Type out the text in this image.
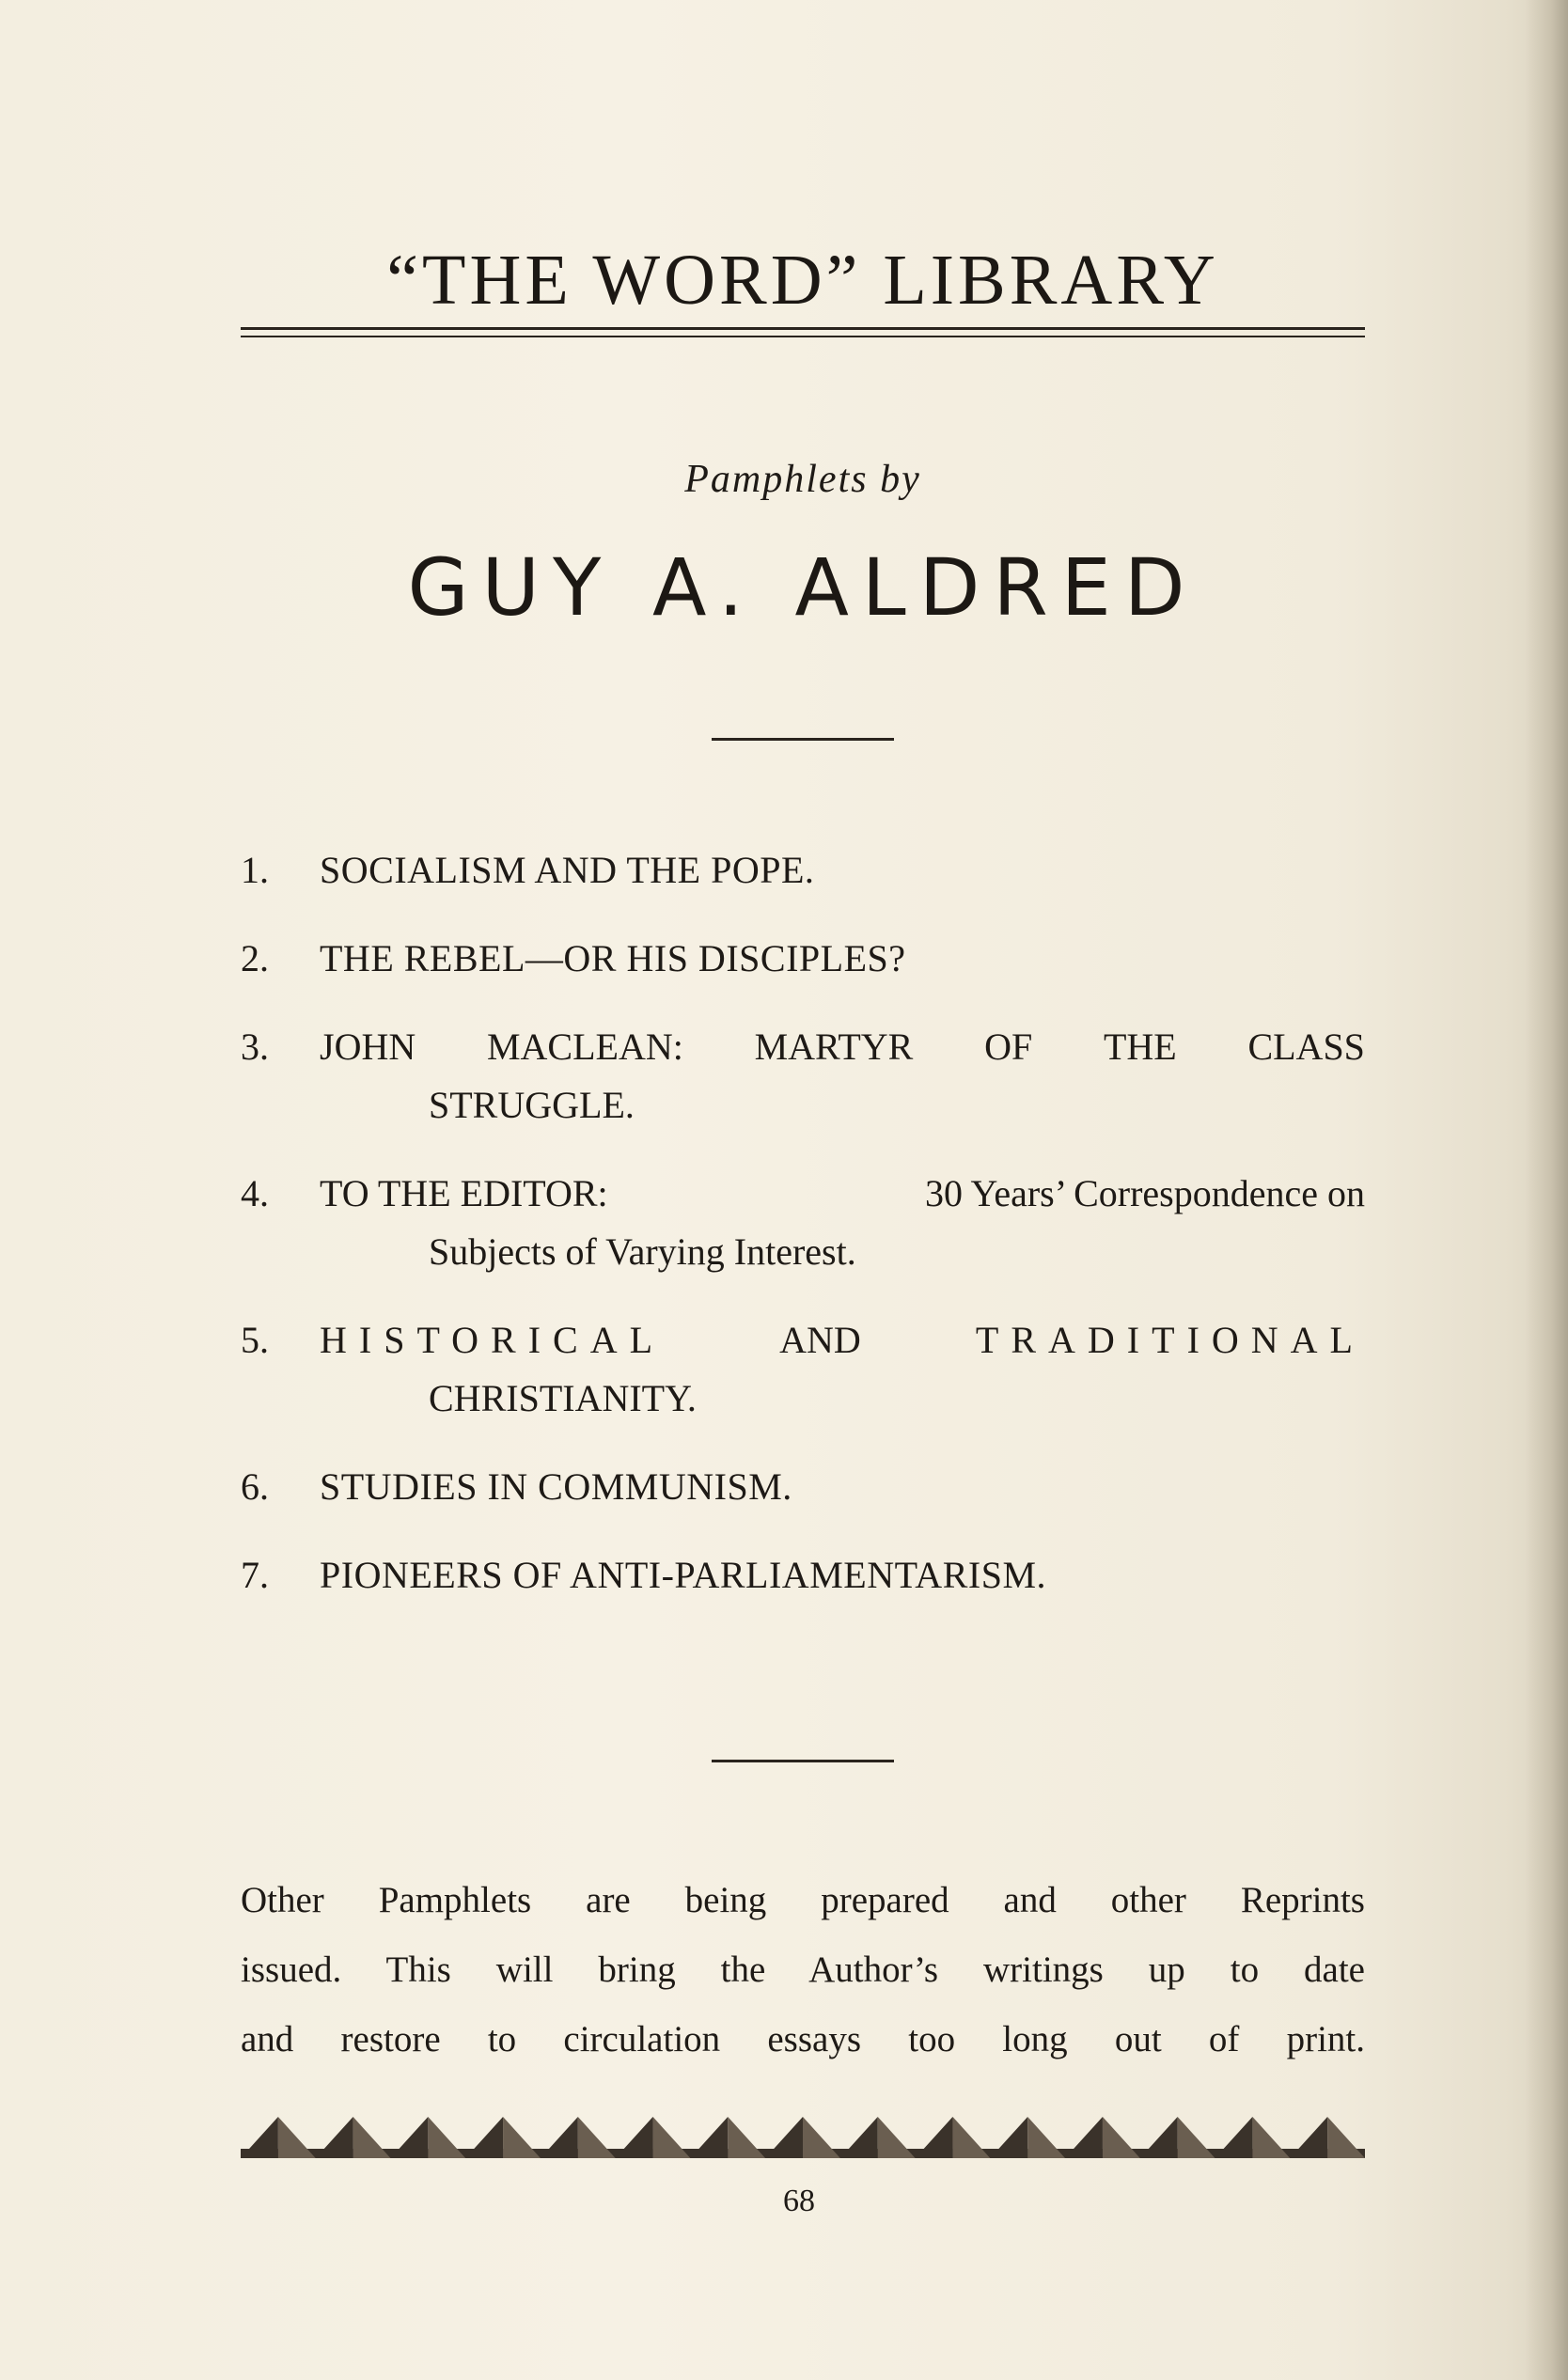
“THE WORD” LIBRARY
Pamphlets by
GUY A. ALDRED
1.	SOCIALISM AND THE POPE.
2.	THE REBEL—OR HIS DISCIPLES?
3.	JOHN MACLEAN: MARTYR OF THE CLASS
STRUGGLE.
4.	TO THE EDITOR:	30 Years’ Correspondence on
Subjects of Varying Interest.
5.	HISTORICAL	AND	TRADITIONAL
CHRISTIANITY.
6.	STUDIES IN COMMUNISM.
7.	PIONEERS OF ANTI-PARLIAMENTARISM.

Other Pamphlets are being prepared and other Reprints
issued. This will bring the Author’s writings up to date
and restore to circulation essays too long out of print.

68
